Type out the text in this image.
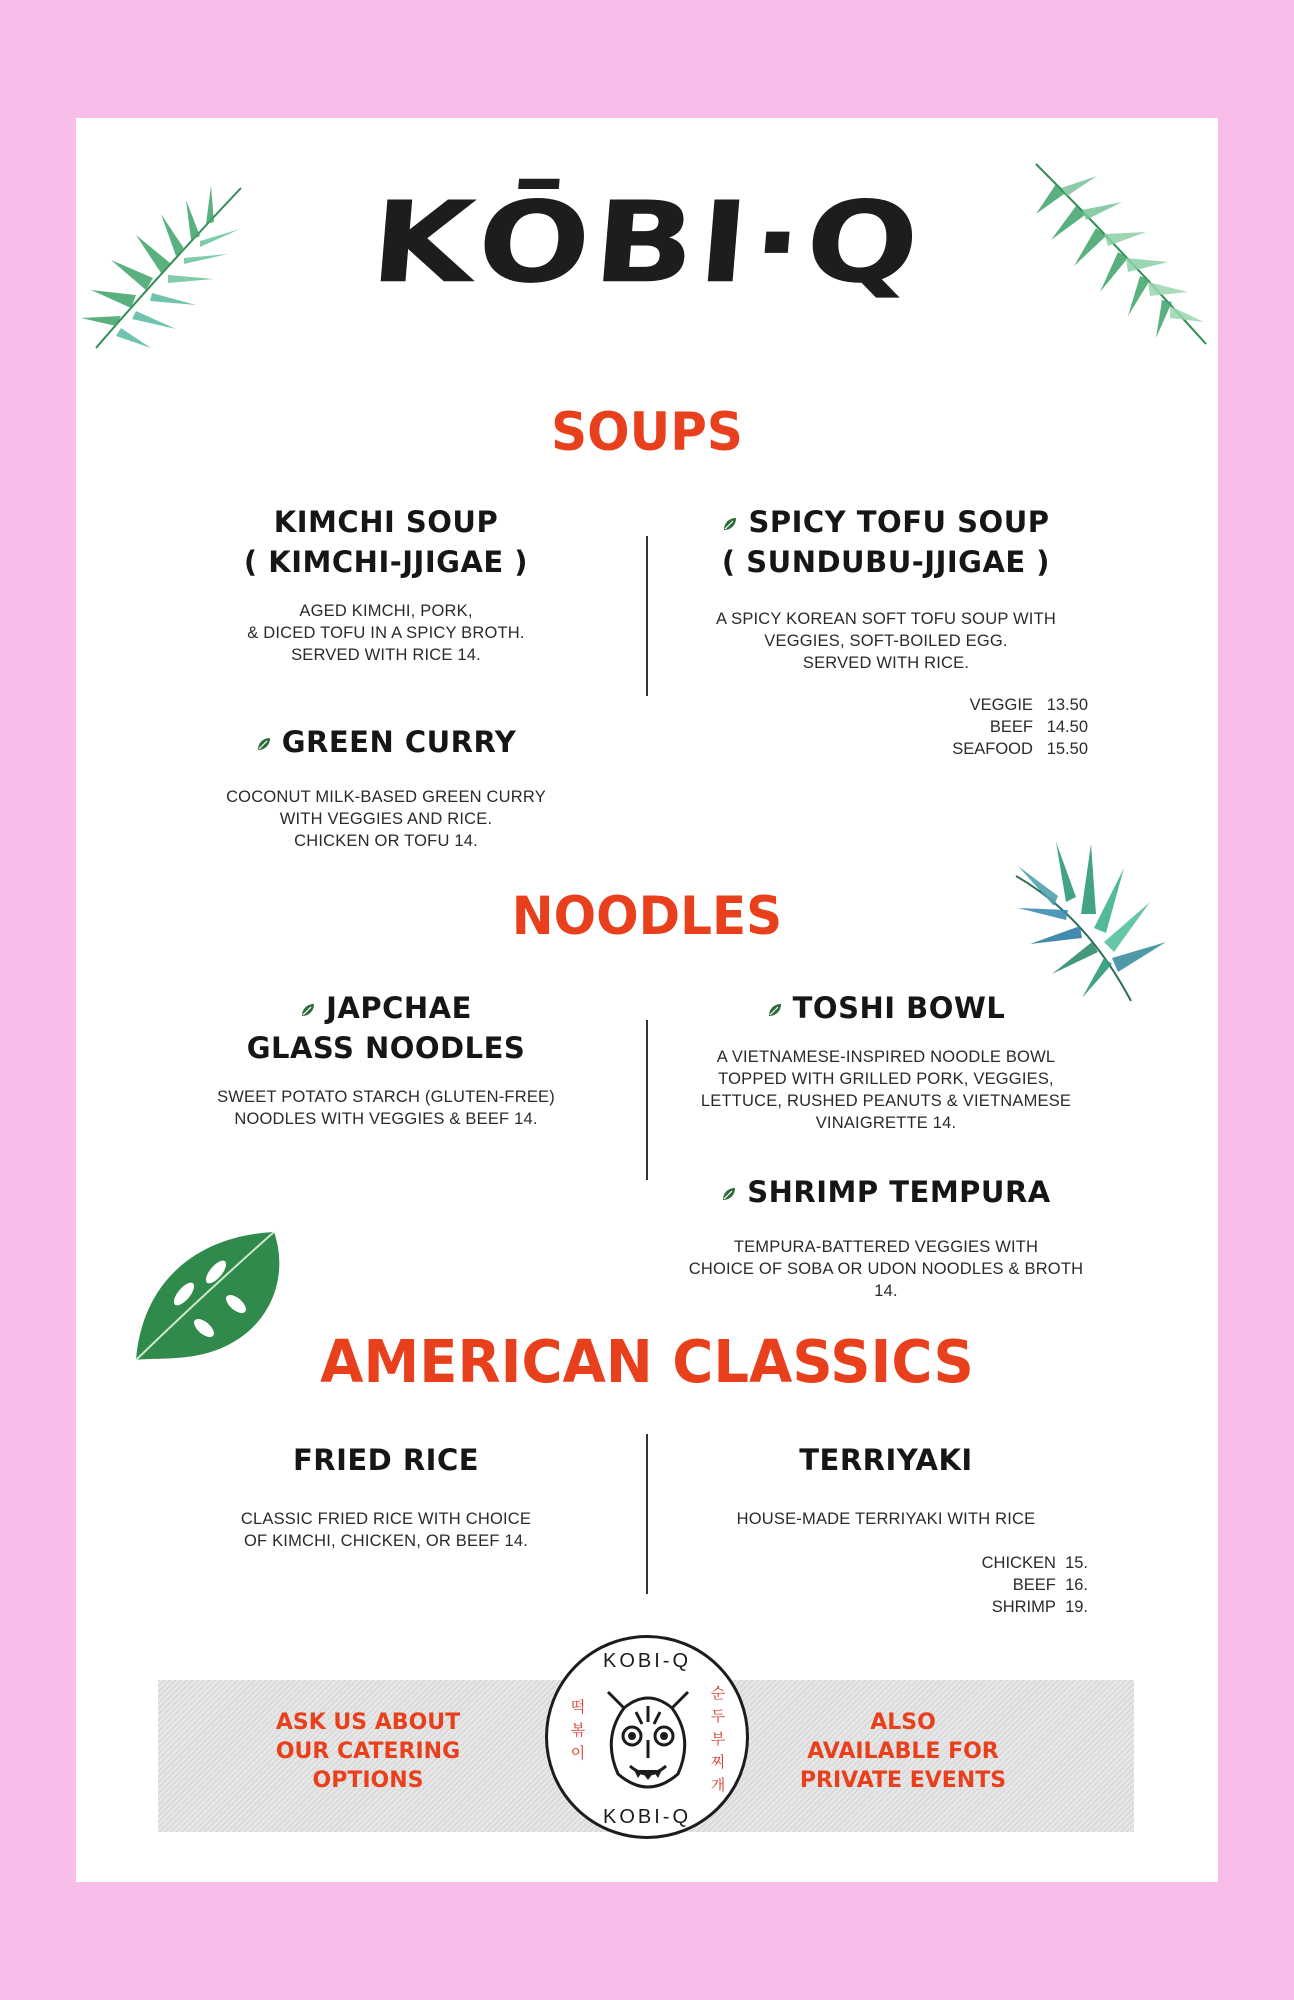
KŌBI·Q
SOUPS
KIMCHI SOUP
( KIMCHI-JJIGAE )
AGED KIMCHI, PORK,
& DICED TOFU IN A SPICY BROTH.
SERVED WITH RICE 14.
SPICY TOFU SOUP
( SUNDUBU-JJIGAE )
A SPICY KOREAN SOFT TOFU SOUP WITH
VEGGIES, SOFT-BOILED EGG.
SERVED WITH RICE.
VEGGIE 13.50
BEEF 14.50
SEAFOOD 15.50
GREEN CURRY
COCONUT MILK-BASED GREEN CURRY
WITH VEGGIES AND RICE.
CHICKEN OR TOFU 14.
NOODLES
JAPCHAE
GLASS NOODLES
SWEET POTATO STARCH (GLUTEN-FREE)
NOODLES WITH VEGGIES & BEEF 14.
TOSHI BOWL
A VIETNAMESE-INSPIRED NOODLE BOWL
TOPPED WITH GRILLED PORK, VEGGIES,
LETTUCE, RUSHED PEANUTS & VIETNAMESE
VINAIGRETTE 14.
SHRIMP TEMPURA
TEMPURA-BATTERED VEGGIES WITH
CHOICE OF SOBA OR UDON NOODLES & BROTH
14.
AMERICAN CLASSICS
FRIED RICE
CLASSIC FRIED RICE WITH CHOICE
OF KIMCHI, CHICKEN, OR BEEF 14.
TERRIYAKI
HOUSE-MADE TERRIYAKI WITH RICE
CHICKEN 15.
BEEF 16.
SHRIMP 19.
ASK US ABOUT
OUR CATERING
OPTIONS
ALSO
AVAILABLE FOR
PRIVATE EVENTS
KOBI-Q
KOBI-Q
떡
볶
이
순
두
부
찌
개
